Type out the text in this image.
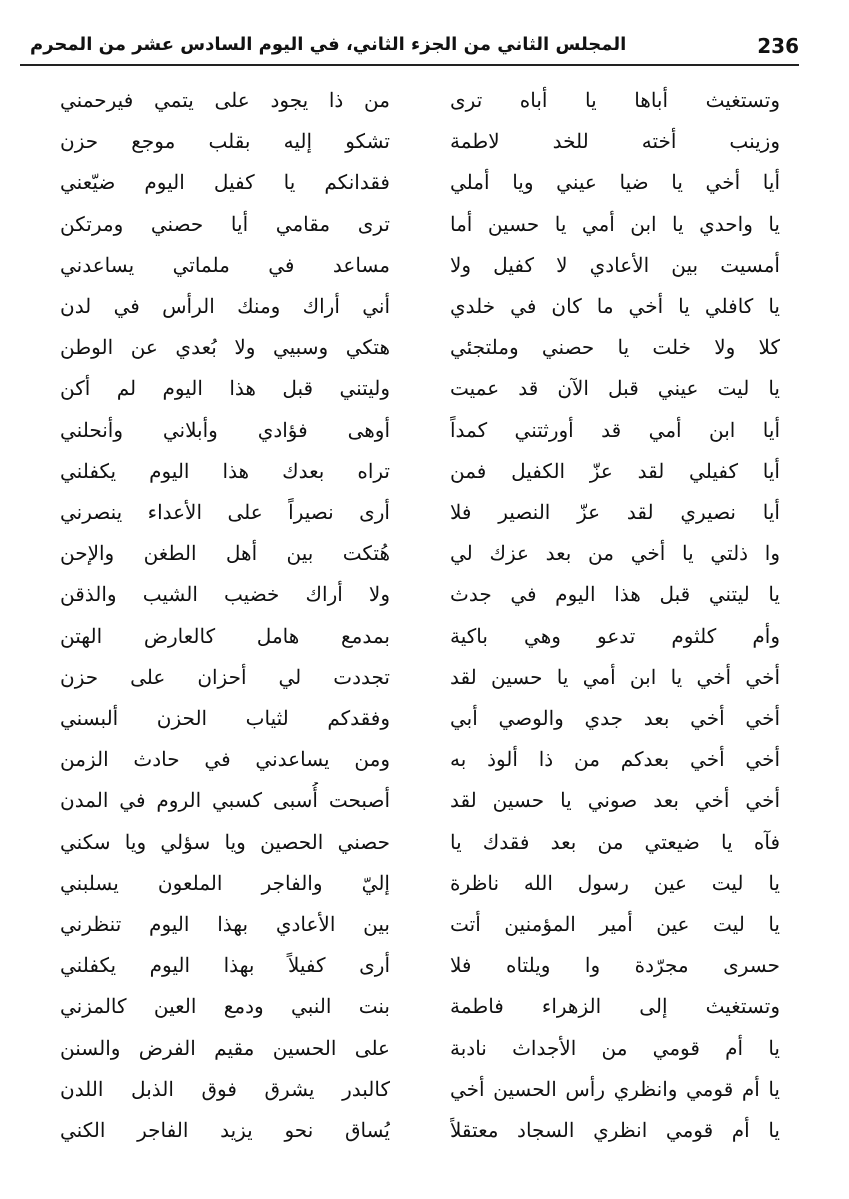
236
المجلس الثاني من الجزء الثاني، في اليوم السادس عشر من المحرم
وتستغيث أباها يا أباه ترى
من ذا يجود على يتمي فيرحمني
وزينب أخته للخد لاطمة
تشكو إليه بقلب موجع حزن
أيا أخي يا ضيا عيني ويا أملي
فقدانكم يا كفيل اليوم ضيّعني
يا واحدي يا ابن أمي يا حسين أما
ترى مقامي أيا حصني ومرتكن
أمسيت بين الأعادي لا كفيل ولا
مساعد في ملماتي يساعدني
يا كافلي يا أخي ما كان في خلدي
أني أراك ومنك الرأس في لدن
كلا ولا خلت يا حصني وملتجئي
هتكي وسبيي ولا بُعدي عن الوطن
يا ليت عيني قبل الآن قد عميت
وليتني قبل هذا اليوم لم أكن
أيا ابن أمي قد أورثتني كمداً
أوهى فؤادي وأبلاني وأنحلني
أيا كفيلي لقد عزّ الكفيل فمن
تراه بعدك هذا اليوم يكفلني
أيا نصيري لقد عزّ النصير فلا
أرى نصيراً على الأعداء ينصرني
وا ذلتي يا أخي من بعد عزك لي
هُتكت بين أهل الطغن والإحن
يا ليتني قبل هذا اليوم في جدث
ولا أراك خضيب الشيب والذقن
وأم كلثوم تدعو وهي باكية
بمدمع هامل كالعارض الهتن
أخي أخي يا ابن أمي يا حسين لقد
تجددت لي أحزان على حزن
أخي أخي بعد جدي والوصي أبي
وفقدكم لثياب الحزن ألبسني
أخي أخي بعدكم من ذا ألوذ به
ومن يساعدني في حادث الزمن
أخي أخي بعد صوني يا حسين لقد
أصبحت أُسبى كسبي الروم في المدن
فآه يا ضيعتي من بعد فقدك يا
حصني الحصين ويا سؤلي ويا سكني
يا ليت عين رسول الله ناظرة
إليّ والفاجر الملعون يسلبني
يا ليت عين أمير المؤمنين أتت
بين الأعادي بهذا اليوم تنظرني
حسرى مجرّدة وا ويلتاه فلا
أرى كفيلاً بهذا اليوم يكفلني
وتستغيث إلى الزهراء فاطمة
بنت النبي ودمع العين كالمزني
يا أم قومي من الأجداث نادبة
على الحسين مقيم الفرض والسنن
يا أم قومي وانظري رأس الحسين أخي
كالبدر يشرق فوق الذبل اللدن
يا أم قومي انظري السجاد معتقلاً
يُساق نحو يزيد الفاجر الكني
